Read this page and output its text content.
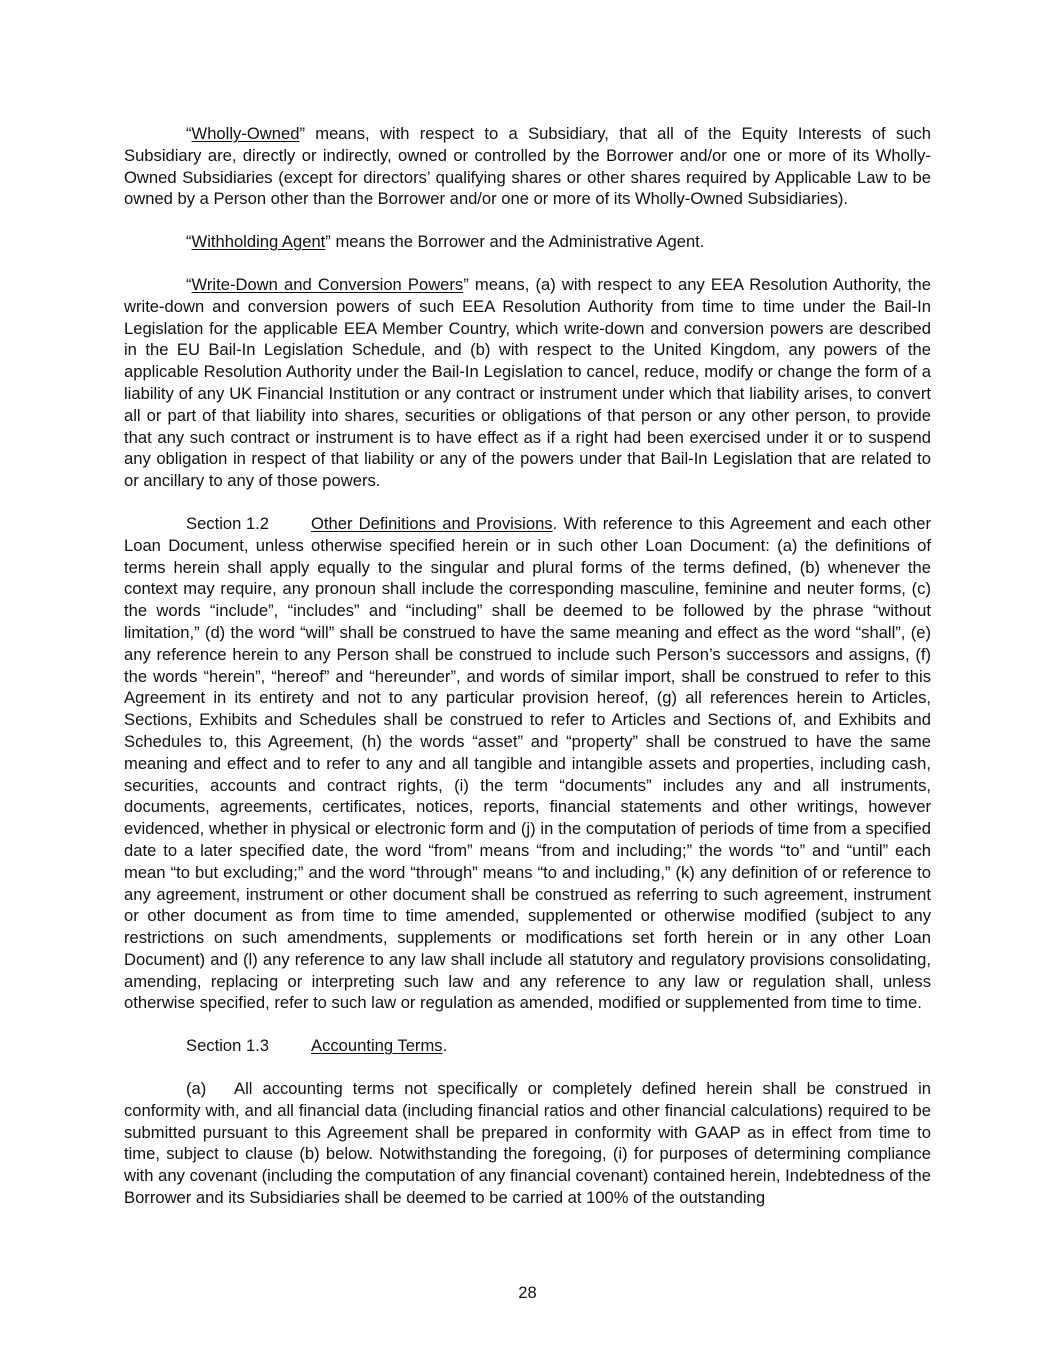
“Wholly-Owned” means, with respect to a Subsidiary, that all of the Equity Interests of such Subsidiary are, directly or indirectly, owned or controlled by the Borrower and/or one or more of its Wholly-Owned Subsidiaries (except for directors’ qualifying shares or other shares required by Applicable Law to be owned by a Person other than the Borrower and/or one or more of its Wholly-Owned Subsidiaries).

“Withholding Agent” means the Borrower and the Administrative Agent.

“Write-Down and Conversion Powers” means, (a) with respect to any EEA Resolution Authority, the write-down and conversion powers of such EEA Resolution Authority from time to time under the Bail-In Legislation for the applicable EEA Member Country, which write-down and conversion powers are described in the EU Bail-In Legislation Schedule, and (b) with respect to the United Kingdom, any powers of the applicable Resolution Authority under the Bail-In Legislation to cancel, reduce, modify or change the form of a liability of any UK Financial Institution or any contract or instrument under which that liability arises, to convert all or part of that liability into shares, securities or obligations of that person or any other person, to provide that any such contract or instrument is to have effect as if a right had been exercised under it or to suspend any obligation in respect of that liability or any of the powers under that Bail-In Legislation that are related to or ancillary to any of those powers.

Section 1.2	Other Definitions and Provisions. With reference to this Agreement and each other Loan Document, unless otherwise specified herein or in such other Loan Document: (a) the definitions of terms herein shall apply equally to the singular and plural forms of the terms defined, (b) whenever the context may require, any pronoun shall include the corresponding masculine, feminine and neuter forms, (c) the words “include”, “includes” and “including” shall be deemed to be followed by the phrase “without limitation,” (d) the word “will” shall be construed to have the same meaning and effect as the word “shall”, (e) any reference herein to any Person shall be construed to include such Person’s successors and assigns, (f) the words “herein”, “hereof” and “hereunder”, and words of similar import, shall be construed to refer to this Agreement in its entirety and not to any particular provision hereof, (g) all references herein to Articles, Sections, Exhibits and Schedules shall be construed to refer to Articles and Sections of, and Exhibits and Schedules to, this Agreement, (h) the words “asset” and “property” shall be construed to have the same meaning and effect and to refer to any and all tangible and intangible assets and properties, including cash, securities, accounts and contract rights, (i) the term “documents” includes any and all instruments, documents, agreements, certificates, notices, reports, financial statements and other writings, however evidenced, whether in physical or electronic form and (j) in the computation of periods of time from a specified date to a later specified date, the word “from” means “from and including;” the words “to” and “until” each mean “to but excluding;” and the word “through” means “to and including,” (k) any definition of or reference to any agreement, instrument or other document shall be construed as referring to such agreement, instrument or other document as from time to time amended, supplemented or otherwise modified (subject to any restrictions on such amendments, supplements or modifications set forth herein or in any other Loan Document) and (l) any reference to any law shall include all statutory and regulatory provisions consolidating, amending, replacing or interpreting such law and any reference to any law or regulation shall, unless otherwise specified, refer to such law or regulation as amended, modified or supplemented from time to time.

Section 1.3	Accounting Terms.

(a) All accounting terms not specifically or completely defined herein shall be construed in conformity with, and all financial data (including financial ratios and other financial calculations) required to be submitted pursuant to this Agreement shall be prepared in conformity with GAAP as in effect from time to time, subject to clause (b) below. Notwithstanding the foregoing, (i) for purposes of determining compliance with any covenant (including the computation of any financial covenant) contained herein, Indebtedness of the Borrower and its Subsidiaries shall be deemed to be carried at 100% of the outstanding

28
